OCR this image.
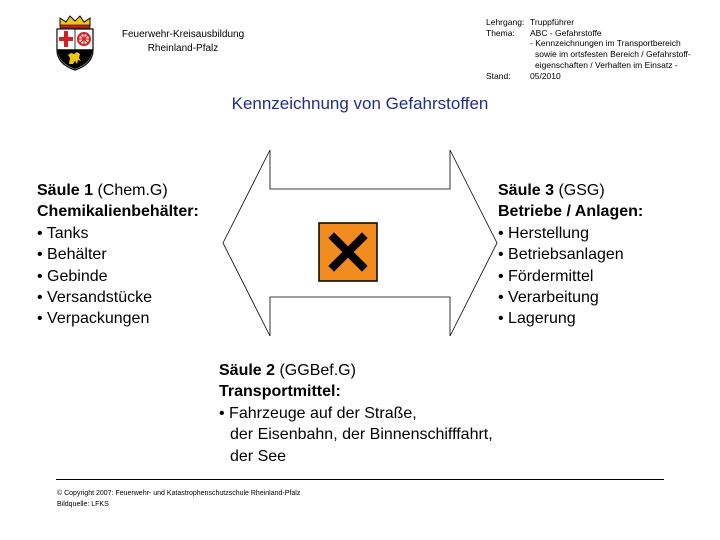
Feuerwehr-Kreisausbildung
Rheinland-Pfalz
Lehrgang: Truppführer
Thema:	ABC - Gefahrstoffe
- Kennzeichnungen im Transportbereich
sowie im ortsfesten Bereich / Gefahrstoff-
eigenschaften / Verhalten im Einsatz -
Stand:	05/2010
Kennzeichnung von Gefahrstoffen
Säule 1 (Chem.G)
Chemikalienbehälter:
• Tanks
• Behälter
• Gebinde
• Versandstücke
• Verpackungen
Säule 3 (GSG)
Betriebe / Anlagen:
• Herstellung
• Betriebsanlagen
• Fördermittel
• Verarbeitung
• Lagerung
Säule 2 (GGBef.G)
Transportmittel:
• Fahrzeuge auf der Straße,
der Eisenbahn, der Binnenschifffahrt,
der See
© Copyright 2007: Feuerwehr- und Katastrophenschutzschule Rheinland-Pfalz
Bildquelle: LFKS
